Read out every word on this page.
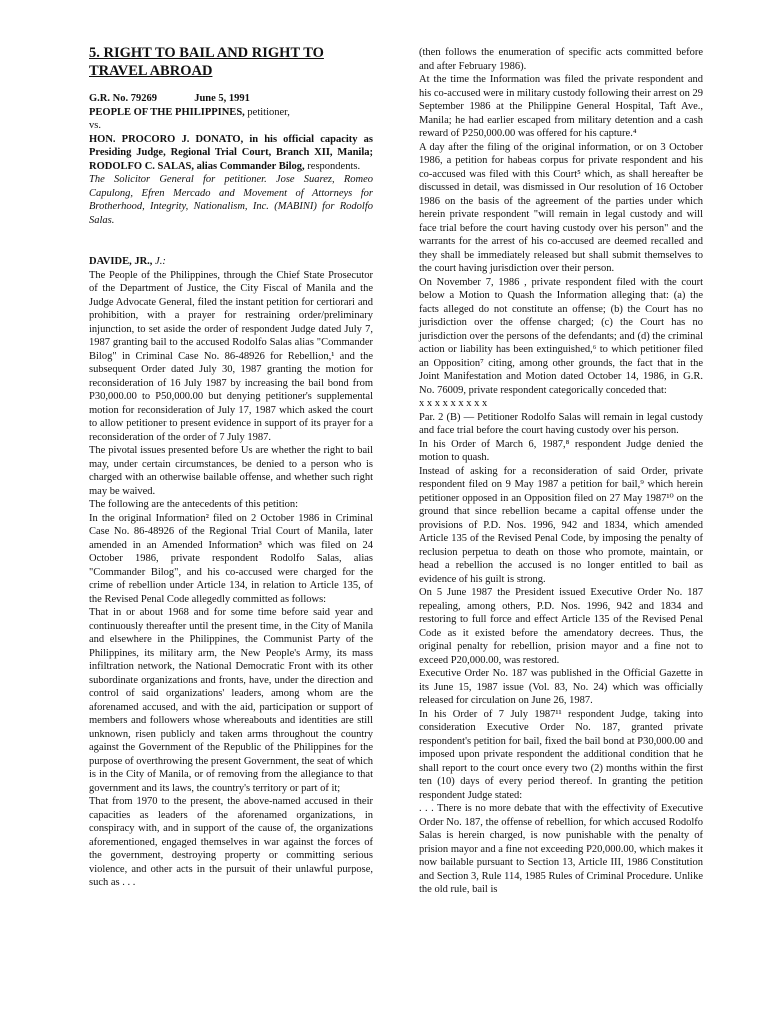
5. RIGHT TO BAIL AND RIGHT TO TRAVEL ABROAD

G.R. No. 79269	June 5, 1991

PEOPLE OF THE PHILIPPINES, petitioner,

vs.

HON. PROCORO J. DONATO, in his official capacity as Presiding Judge, Regional Trial Court, Branch XII, Manila; RODOLFO C. SALAS, alias Commander Bilog, respondents.

The Solicitor General for petitioner. Jose Suarez, Romeo Capulong, Efren Mercado and Movement of Attorneys for Brotherhood, Integrity, Nationalism, Inc. (MABINI) for Rodolfo Salas.

DAVIDE, JR., J.:

The People of the Philippines, through the Chief State Prosecutor of the Department of Justice, the City Fiscal of Manila and the Judge Advocate General, filed the instant petition for certiorari and prohibition, with a prayer for restraining order/preliminary injunction, to set aside the order of respondent Judge dated July 7, 1987 granting bail to the accused Rodolfo Salas alias "Commander Bilog" in Criminal Case No. 86-48926 for Rebellion,¹ and the subsequent Order dated July 30, 1987 granting the motion for reconsideration of 16 July 1987 by increasing the bail bond from P30,000.00 to P50,000.00 but denying petitioner's supplemental motion for reconsideration of July 17, 1987 which asked the court to allow petitioner to present evidence in support of its prayer for a reconsideration of the order of 7 July 1987.

The pivotal issues presented before Us are whether the right to bail may, under certain circumstances, be denied to a person who is charged with an otherwise bailable offense, and whether such right may be waived.

The following are the antecedents of this petition:

In the original Information² filed on 2 October 1986 in Criminal Case No. 86-48926 of the Regional Trial Court of Manila, later amended in an Amended Information³ which was filed on 24 October 1986, private respondent Rodolfo Salas, alias "Commander Bilog", and his co-accused were charged for the crime of rebellion under Article 134, in relation to Article 135, of the Revised Penal Code allegedly committed as follows:

That in or about 1968 and for some time before said year and continuously thereafter until the present time, in the City of Manila and elsewhere in the Philippines, the Communist Party of the Philippines, its military arm, the New People's Army, its mass infiltration network, the National Democratic Front with its other subordinate organizations and fronts, have, under the direction and control of said organizations' leaders, among whom are the aforenamed accused, and with the aid, participation or support of members and followers whose whereabouts and identities are still unknown, risen publicly and taken arms throughout the country against the Government of the Republic of the Philippines for the purpose of overthrowing the present Government, the seat of which is in the City of Manila, or of removing from the allegiance to that government and its laws, the country's territory or part of it;

That from 1970 to the present, the above-named accused in their capacities as leaders of the aforenamed organizations, in conspiracy with, and in support of the cause of, the organizations aforementioned, engaged themselves in war against the forces of the government, destroying property or committing serious violence, and other acts in the pursuit of their unlawful purpose, such as . . .

(then follows the enumeration of specific acts committed before and after February 1986).

At the time the Information was filed the private respondent and his co-accused were in military custody following their arrest on 29 September 1986 at the Philippine General Hospital, Taft Ave., Manila; he had earlier escaped from military detention and a cash reward of P250,000.00 was offered for his capture.⁴

A day after the filing of the original information, or on 3 October 1986, a petition for habeas corpus for private respondent and his co-accused was filed with this Court⁵ which, as shall hereafter be discussed in detail, was dismissed in Our resolution of 16 October 1986 on the basis of the agreement of the parties under which herein private respondent "will remain in legal custody and will face trial before the court having custody over his person" and the warrants for the arrest of his co-accused are deemed recalled and they shall be immediately released but shall submit themselves to the court having jurisdiction over their person.

On November 7, 1986 , private respondent filed with the court below a Motion to Quash the Information alleging that: (a) the facts alleged do not constitute an offense; (b) the Court has no jurisdiction over the offense charged; (c) the Court has no jurisdiction over the persons of the defendants; and (d) the criminal action or liability has been extinguished,⁶ to which petitioner filed an Opposition⁷ citing, among other grounds, the fact that in the Joint Manifestation and Motion dated October 14, 1986, in G.R. No. 76009, private respondent categorically conceded that:

x x x x x x x x x

Par. 2 (B) — Petitioner Rodolfo Salas will remain in legal custody and face trial before the court having custody over his person.

In his Order of March 6, 1987,⁸ respondent Judge denied the motion to quash.

Instead of asking for a reconsideration of said Order, private respondent filed on 9 May 1987 a petition for bail,⁹ which herein petitioner opposed in an Opposition filed on 27 May 1987¹⁰ on the ground that since rebellion became a capital offense under the provisions of P.D. Nos. 1996, 942 and 1834, which amended Article 135 of the Revised Penal Code, by imposing the penalty of reclusion perpetua to death on those who promote, maintain, or head a rebellion the accused is no longer entitled to bail as evidence of his guilt is strong.

On 5 June 1987 the President issued Executive Order No. 187 repealing, among others, P.D. Nos. 1996, 942 and 1834 and restoring to full force and effect Article 135 of the Revised Penal Code as it existed before the amendatory decrees. Thus, the original penalty for rebellion, prision mayor and a fine not to exceed P20,000.00, was restored.

Executive Order No. 187 was published in the Official Gazette in its June 15, 1987 issue (Vol. 83, No. 24) which was officially released for circulation on June 26, 1987.

In his Order of 7 July 1987¹¹ respondent Judge, taking into consideration Executive Order No. 187, granted private respondent's petition for bail, fixed the bail bond at P30,000.00 and imposed upon private respondent the additional condition that he shall report to the court once every two (2) months within the first ten (10) days of every period thereof. In granting the petition respondent Judge stated:

. . . There is no more debate that with the effectivity of Executive Order No. 187, the offense of rebellion, for which accused Rodolfo Salas is herein charged, is now punishable with the penalty of prision mayor and a fine not exceeding P20,000.00, which makes it now bailable pursuant to Section 13, Article III, 1986 Constitution and Section 3, Rule 114, 1985 Rules of Criminal Procedure. Unlike the old rule, bail is
